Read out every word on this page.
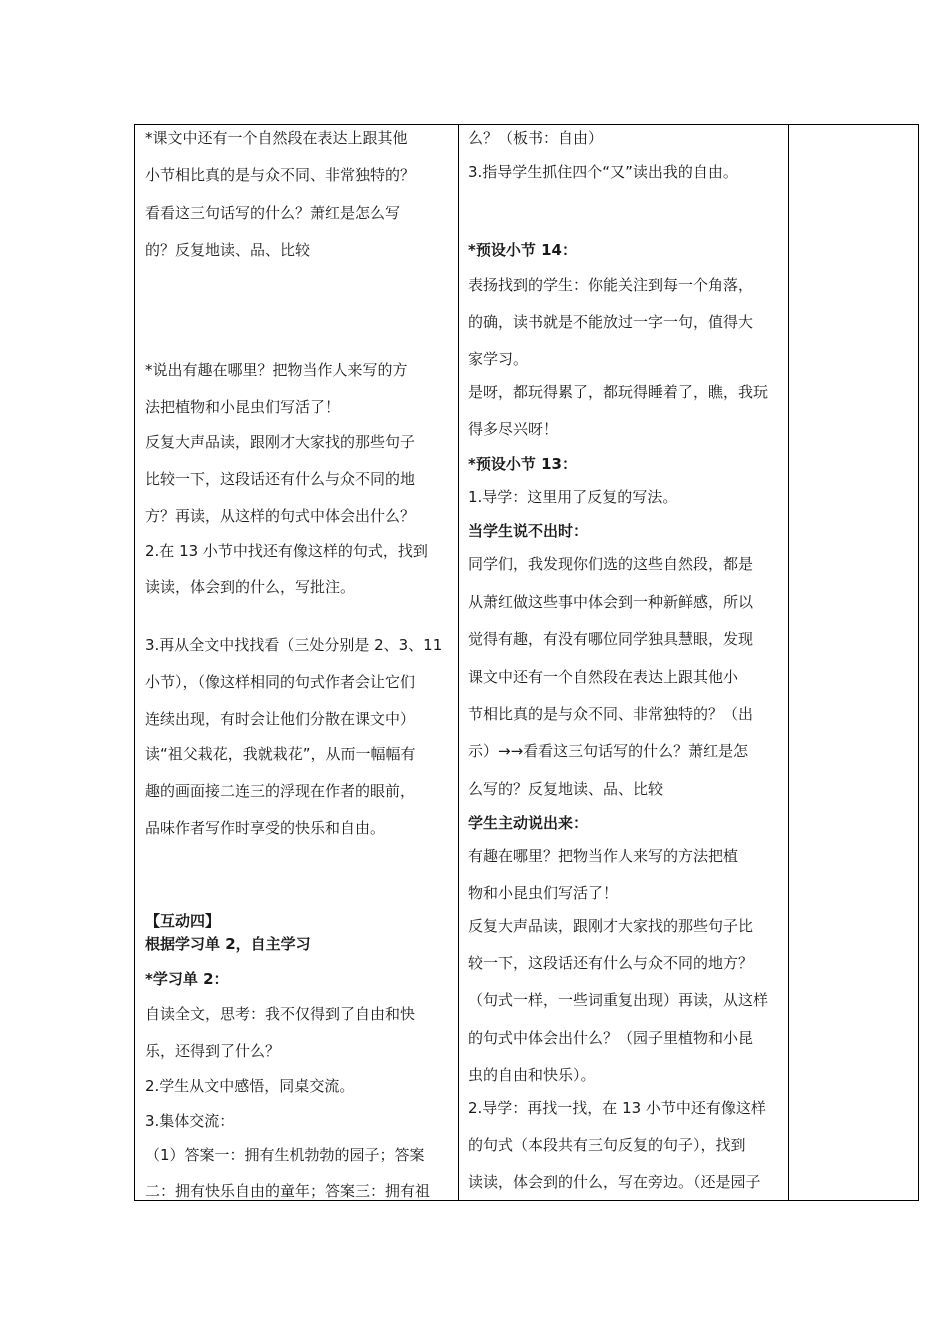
*课文中还有一个自然段在表达上跟其他
小节相比真的是与众不同、非常独特的？
看看这三句话写的什么？萧红是怎么写
的？反复地读、品、比较
*说出有趣在哪里？把物当作人来写的方
法把植物和小昆虫们写活了！
反复大声品读，跟刚才大家找的那些句子
比较一下，这段话还有什么与众不同的地
方？再读，从这样的句式中体会出什么？
2.在 13 小节中找还有像这样的句式，找到
读读，体会到的什么，写批注。
3.再从全文中找找看（三处分别是 2、3、11
小节），（像这样相同的句式作者会让它们
连续出现，有时会让他们分散在课文中）
读“祖父栽花，我就栽花”，从而一幅幅有
趣的画面接二连三的浮现在作者的眼前，
【互动四】
根据学习单 2，自主学习
品味作者写作时享受的快乐和自由。
*学习单 2：
自读全文，思考：我不仅得到了自由和快
乐，还得到了什么？
2.学生从文中感悟，同桌交流。
3.集体交流：
（1）答案一：拥有生机勃勃的园子；答案
二：拥有快乐自由的童年；答案三：拥有祖
么？（板书：自由）
3.指导学生抓住四个“又”读出我的自由。
*预设小节 14：
表扬找到的学生：你能关注到每一个角落，
的确，读书就是不能放过一字一句，值得大
家学习。
是呀，都玩得累了，都玩得睡着了，瞧，我玩
得多尽兴呀！
*预设小节 13：
1.导学：这里用了反复的写法。
当学生说不出时：
同学们，我发现你们选的这些自然段，都是
从萧红做这些事中体会到一种新鲜感，所以
觉得有趣，有没有哪位同学独具慧眼，发现
课文中还有一个自然段在表达上跟其他小
节相比真的是与众不同、非常独特的？（出
示）→→看看这三句话写的什么？萧红是怎
么写的？反复地读、品、比较
学生主动说出来：
有趣在哪里？把物当作人来写的方法把植
物和小昆虫们写活了！
反复大声品读，跟刚才大家找的那些句子比
较一下，这段话还有什么与众不同的地方？
（句式一样，一些词重复出现）再读，从这样
的句式中体会出什么？（园子里植物和小昆
虫的自由和快乐）。
2.导学：再找一找，在 13 小节中还有像这样
的句式（本段共有三句反复的句子），找到
读读，体会到的什么，写在旁边。（还是园子
